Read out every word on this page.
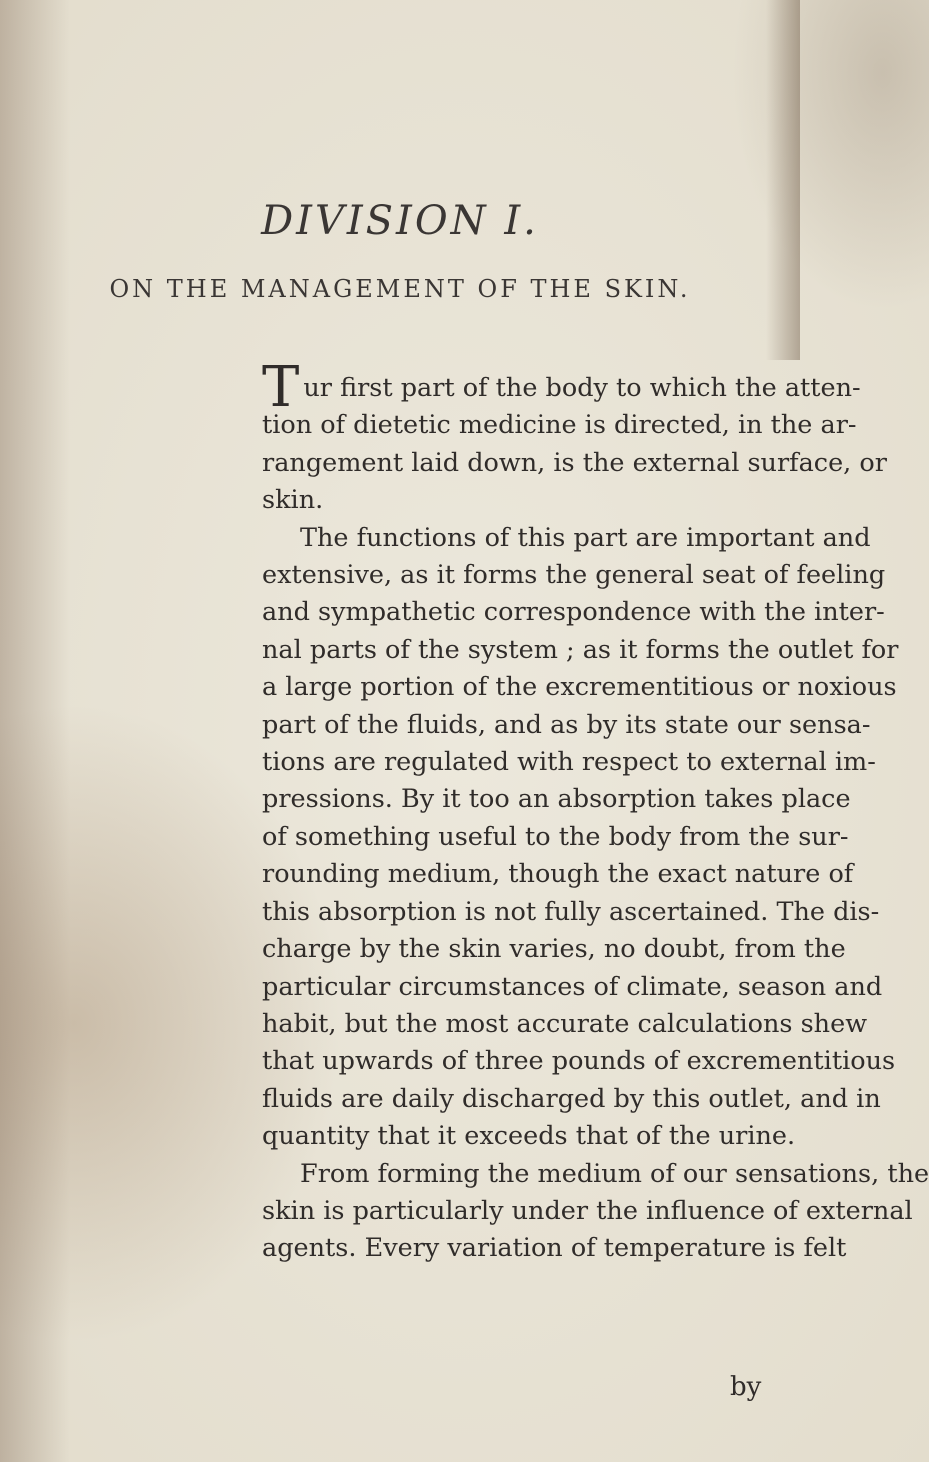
DIVISION I.
ON THE MANAGEMENT OF THE SKIN.
Tur first part of the body to which the atten-
tion of dietetic medicine is directed, in the ar-
rangement laid down, is the external surface, or
skin.
The functions of this part are important and
extensive, as it forms the general seat of feeling
and sympathetic correspondence with the inter-
nal parts of the system ; as it forms the outlet for
a large portion of the excrementitious or noxious
part of the fluids, and as by its state our sensa-
tions are regulated with respect to external im-
pressions. By it too an absorption takes place
of something useful to the body from the sur-
rounding medium, though the exact nature of
this absorption is not fully ascertained. The dis-
charge by the skin varies, no doubt, from the
particular circumstances of climate, season and
habit, but the most accurate calculations shew
that upwards of three pounds of excrementitious
fluids are daily discharged by this outlet, and in
quantity that it exceeds that of the urine.
From forming the medium of our sensations, the
skin is particularly under the influence of external
agents. Every variation of temperature is felt
by
